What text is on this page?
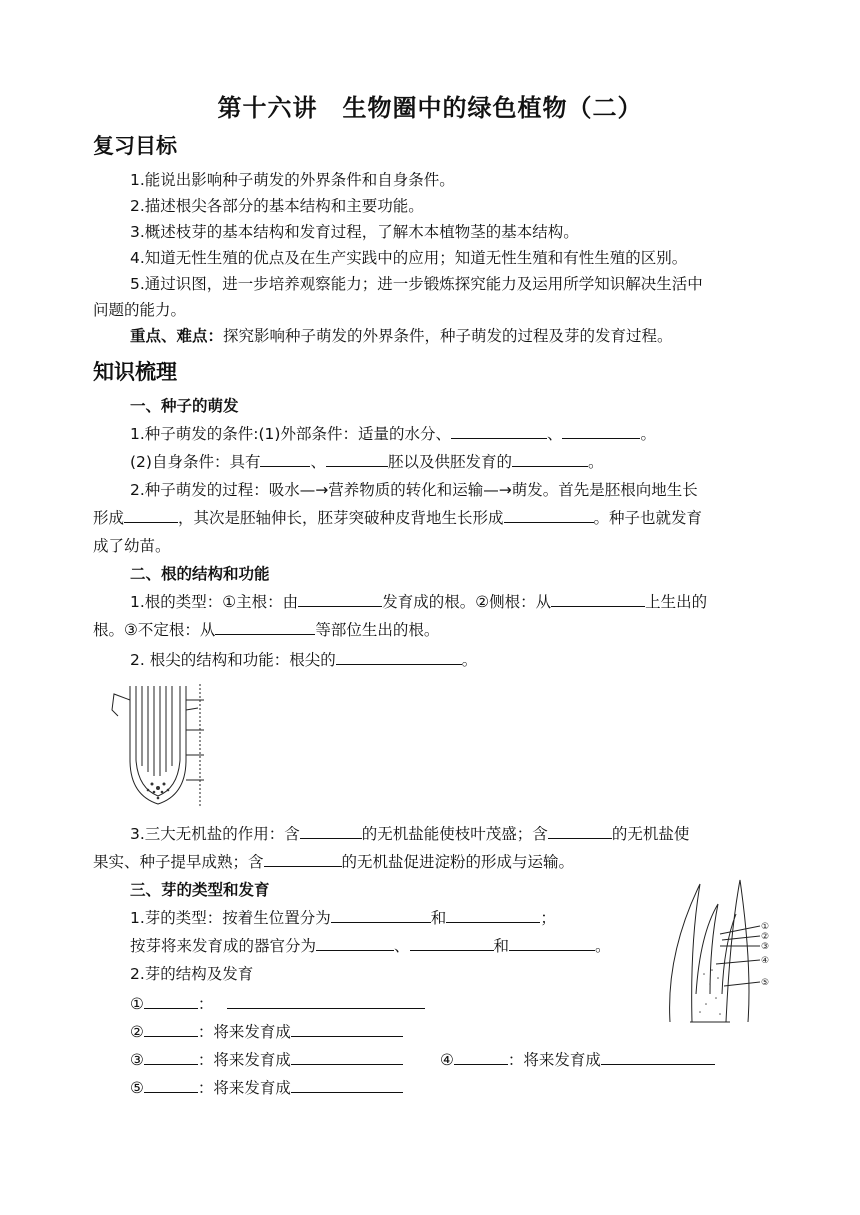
第十六讲　生物圈中的绿色植物（二）
复习目标
1.能说出影响种子萌发的外界条件和自身条件。
2.描述根尖各部分的基本结构和主要功能。
3.概述枝芽的基本结构和发育过程，了解木本植物茎的基本结构。
4.知道无性生殖的优点及在生产实践中的应用；知道无性生殖和有性生殖的区别。
5.通过识图，进一步培养观察能力；进一步锻炼探究能力及运用所学知识解决生活中
问题的能力。
重点、难点：探究影响种子萌发的外界条件，种子萌发的过程及芽的发育过程。
知识梳理
一、种子的萌发
1.种子萌发的条件:(1)外部条件：适量的水分、	、	。
(2)自身条件：具有	、	胚以及供胚发育的	。
2.种子萌发的过程：吸水—→营养物质的转化和运输—→萌发。首先是胚根向地生长
形成	，其次是胚轴伸长，胚芽突破种皮背地生长形成	。种子也就发育
成了幼苗。
二、根的结构和功能
1.根的类型：①主根：由	发育成的根。②侧根：从	上生出的
根。③不定根：从	等部位生出的根。
2. 根尖的结构和功能：根尖的	。
3.三大无机盐的作用：含	的无机盐能使枝叶茂盛；含	的无机盐使
果实、种子提早成熟；含	的无机盐促进淀粉的形成与运输。
三、芽的类型和发育
1.芽的类型：按着生位置分为	和	；
按芽将来发育成的器官分为	、	和	。
2.芽的结构及发育
①	：
②	：将来发育成
③	：将来发育成	④	：将来发育成
⑤	：将来发育成
①
②
③
④
⑤
